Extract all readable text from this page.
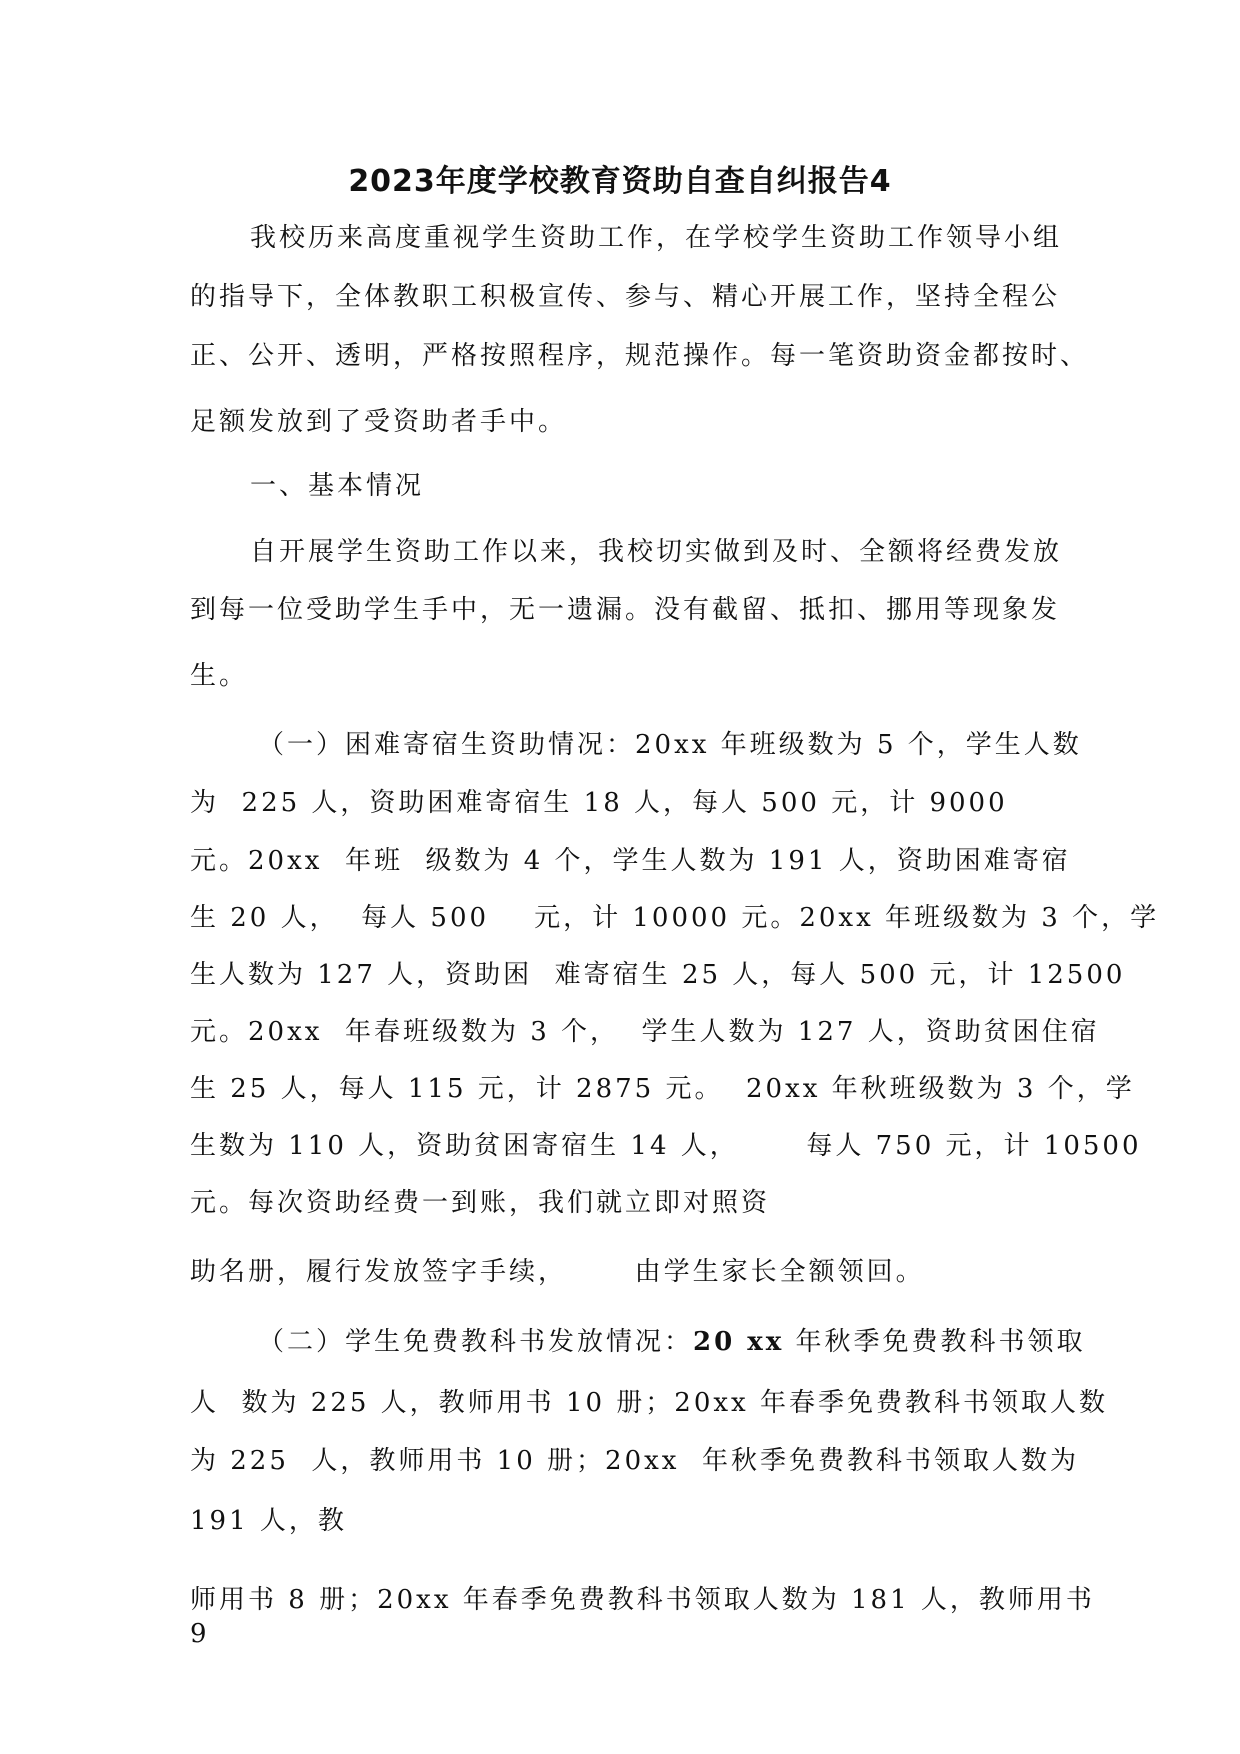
2023年度学校教育资助自查自纠报告4

我校历来高度重视学生资助工作，在学校学生资助工作领导小组

的指导下，全体教职工积极宣传、参与、精心开展工作，坚持全程公

正、公开、透明，严格按照程序，规范操作。每一笔资助资金都按时、

足额发放到了受资助者手中。

一、基本情况

自开展学生资助工作以来，我校切实做到及时、全额将经费发放

到每一位受助学生手中，无一遗漏。没有截留、抵扣、挪用等现象发

生。

（一）困难寄宿生资助情况：20xx 年班级数为 5 个，学生人数

为  225 人，资助困难寄宿生 18 人，每人 500 元，计 9000

元。20xx  年班  级数为 4 个，学生人数为 191 人，资助困难寄宿

生 20 人，  每人 500    元，计 10000 元。20xx 年班级数为 3 个，学

生人数为 127 人，资助困  难寄宿生 25 人，每人 500 元，计 12500

元。20xx  年春班级数为 3 个，  学生人数为 127 人，资助贫困住宿

生 25 人，每人 115 元，计 2875 元。  20xx 年秋班级数为 3 个，学

生数为 110 人，资助贫困寄宿生 14 人，      每人 750 元，计 10500

元。每次资助经费一到账，我们就立即对照资

助名册，履行发放签字手续，      由学生家长全额领回。

（二）学生免费教科书发放情况：20 xx 年秋季免费教科书领取

人  数为 225 人，教师用书 10 册；20xx 年春季免费教科书领取人数

为 225  人，教师用书 10 册；20xx  年秋季免费教科书领取人数为

191 人，教

师用书 8 册；20xx 年春季免费教科书领取人数为 181 人，教师用书

9
